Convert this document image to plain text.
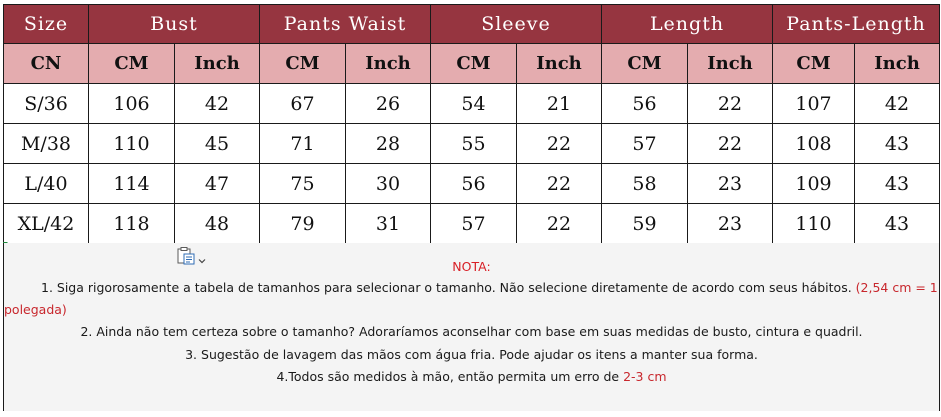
Size	Bust		Pants Waist		Sleeve		Length		Pants-Length	
CN	CM	Inch	CM	Inch	CM	Inch	CM	Inch	CM	Inch
S/36	106	42	67	26	54	21	56	22	107	42
M/38	110	45	71	28	55	22	57	22	108	43
L/40	114	47	75	30	56	22	58	23	109	43
XL/42	118	48	79	31	57	22	59	23	110	43
NOTA:
1. Siga rigorosamente a tabela de tamanhos para selecionar o tamanho. Não selecione diretamente de acordo com seus hábitos. (2,54 cm = 1
polegada)
2. Ainda não tem certeza sobre o tamanho? Adoraríamos aconselhar com base em suas medidas de busto, cintura e quadril.
3. Sugestão de lavagem das mãos com água fria. Pode ajudar os itens a manter sua forma.
4.Todos são medidos à mão, então permita um erro de 2-3 cm
